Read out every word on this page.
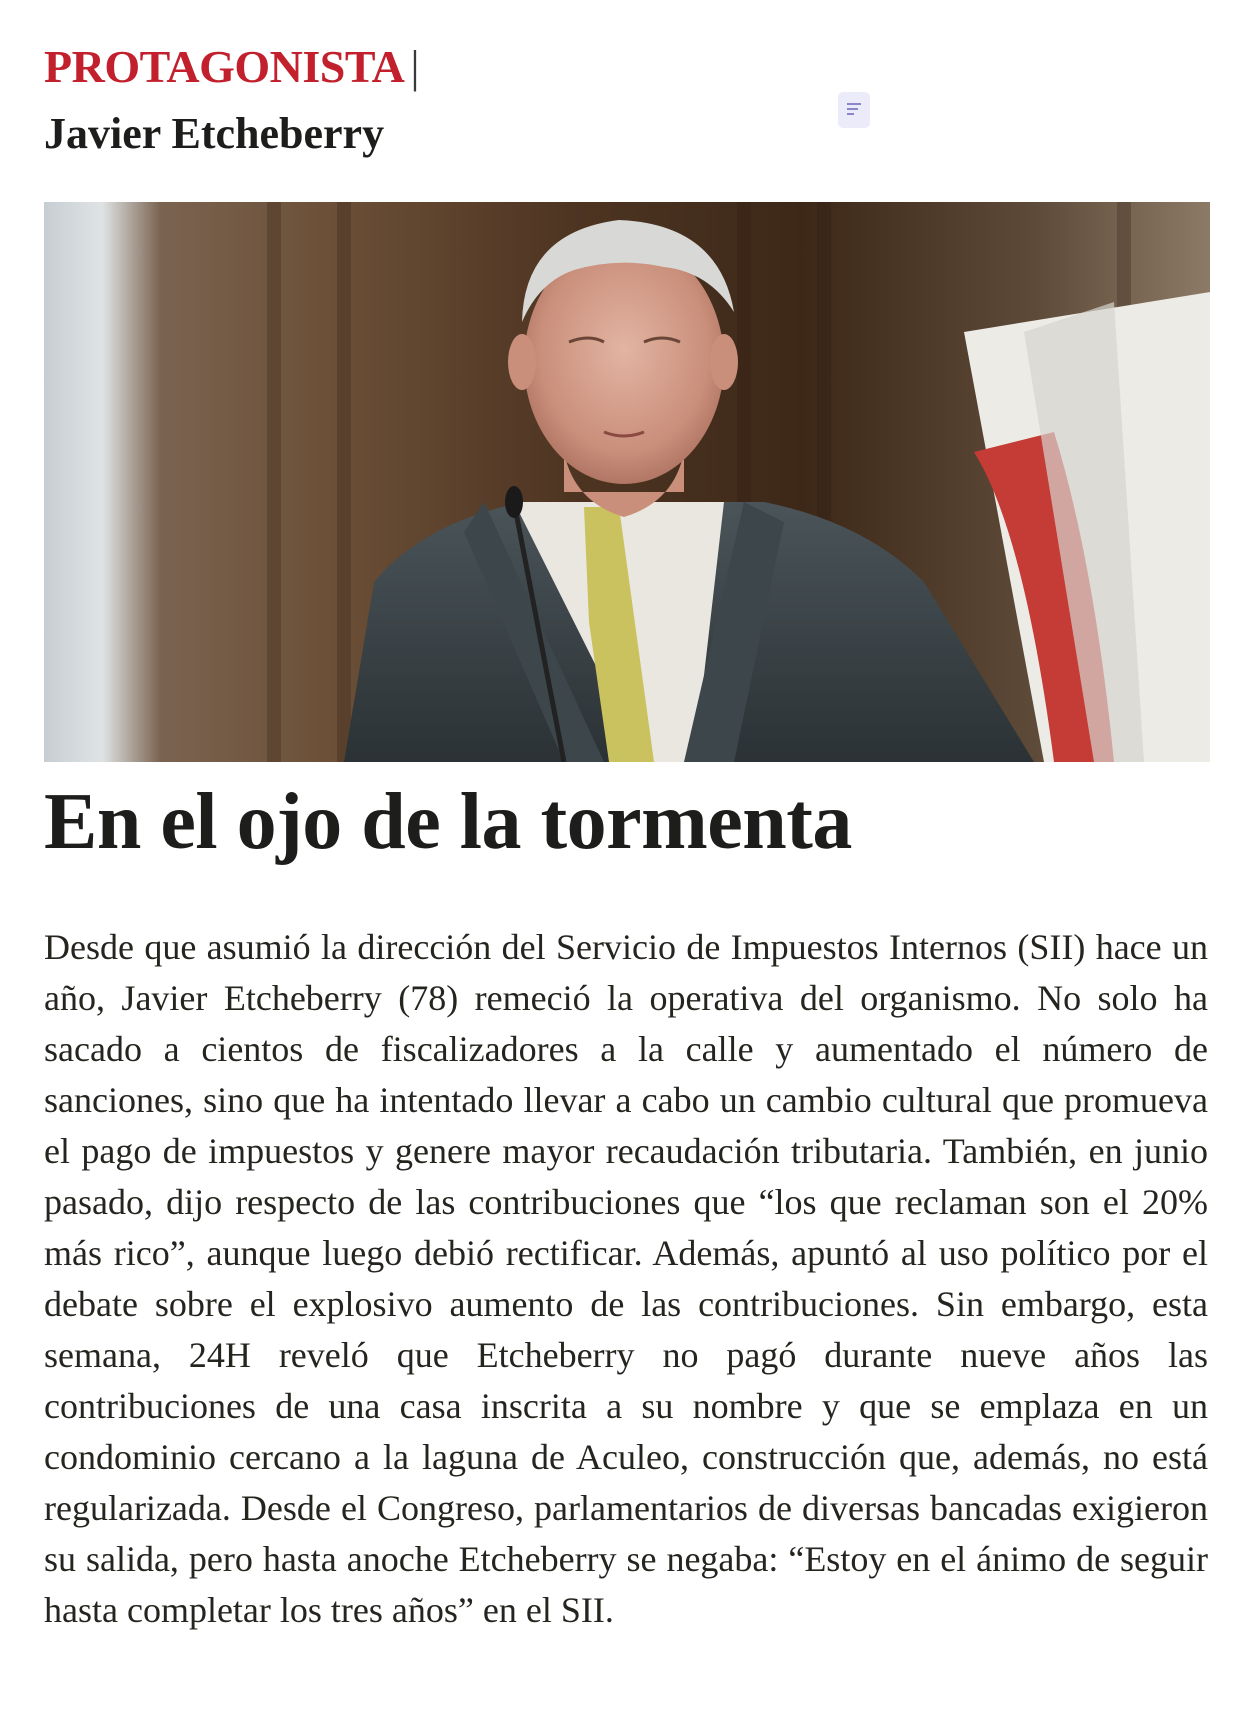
PROTAGONISTA |
Javier Etcheberry
En el ojo de la tormenta

Desde que asumió la dirección del Servicio de Impuestos Internos (SII) hace un año, Javier Etcheberry (78) remeció la operativa del organismo. No solo ha sacado a cientos de fiscalizadores a la calle y aumentado el número de sanciones, sino que ha intentado llevar a cabo un cambio cultural que promueva el pago de impuestos y genere mayor recaudación tributaria. También, en junio pasado, dijo respecto de las contribuciones que “los que reclaman son el 20% más rico”, aunque luego debió rectificar. Además, apuntó al uso político por el debate sobre el explosivo aumento de las contribuciones. Sin embargo, esta semana, 24H reveló que Etcheberry no pagó durante nueve años las contribuciones de una casa inscrita a su nombre y que se emplaza en un condominio cercano a la laguna de Aculeo, construcción que, además, no está regularizada. Desde el Congreso, parlamentarios de diversas bancadas exigieron su salida, pero hasta anoche Etcheberry se negaba: “Estoy en el ánimo de seguir hasta completar los tres años” en el SII.
